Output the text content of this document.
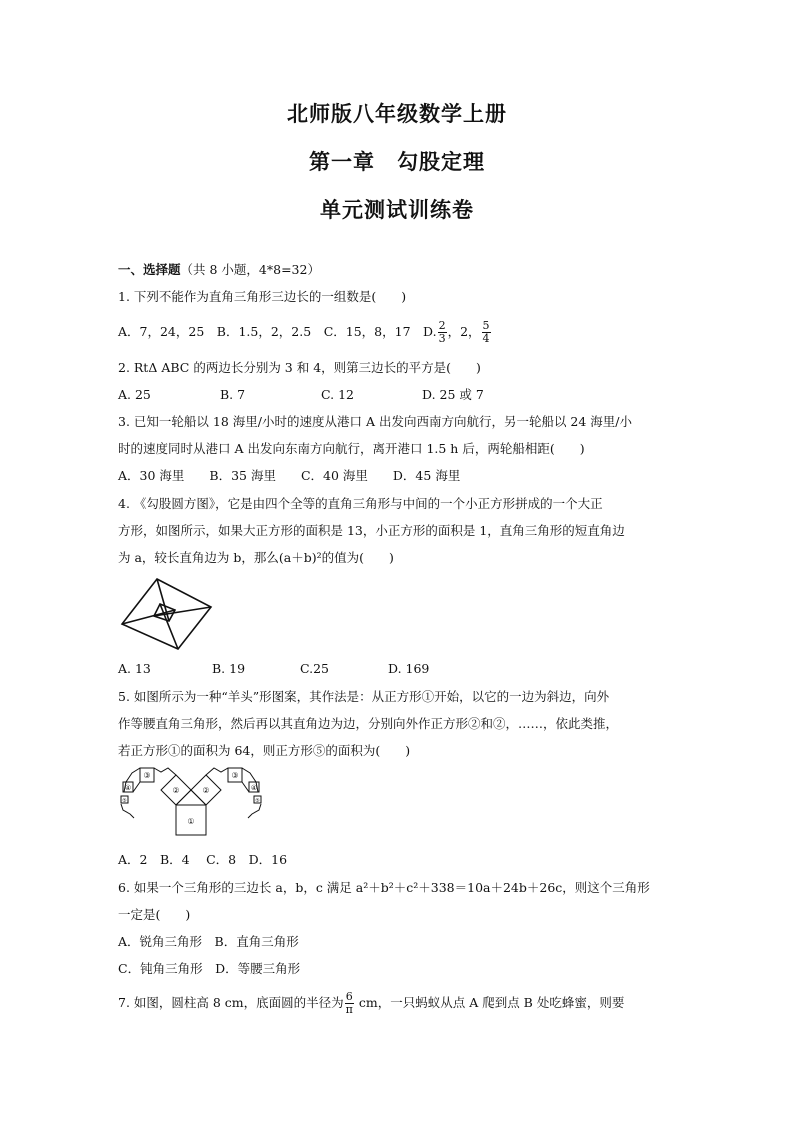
北师版八年级数学上册
第一章　勾股定理
单元测试训练卷
一、选择题（共 8 小题，4*8=32）
1. 下列不能作为直角三角形三边长的一组数是(　　)
A．7，24，25　B．1.5，2，2.5　C．15，8，17　D. $\frac{2}{3}$ ，2， $\frac{5}{4}$
2. RtΔ ABC 的两边长分别为 3 和 4，则第三边长的平方是(　　)
A. 25	B. 7	C. 12	D. 25 或 7
3. 已知一轮船以 18 海里/小时的速度从港口 A 出发向西南方向航行，另一轮船以 24 海里/小
时的速度同时从港口 A 出发向东南方向航行，离开港口 1.5 h 后，两轮船相距(　　)
A．30 海里　　B．35 海里　　C．40 海里　　D．45 海里
4. 《勾股圆方图》，它是由四个全等的直角三角形与中间的一个小正方形拼成的一个大正
方形，如图所示，如果大正方形的面积是 13，小正方形的面积是 1，直角三角形的短直角边
为 a，较长直角边为 b，那么(a＋b)²的值为(　　)
A. 13	B. 19	C.25	D. 169
5. 如图所示为一种“羊头”形图案，其作法是：从正方形①开始，以它的一边为斜边，向外
作等腰直角三角形，然后再以其直角边为边，分别向外作正方形②和②，……，依此类推，
若正方形①的面积为 64，则正方形⑤的面积为(　　)
①
②	②
③	③
④	④
⑤	⑤
A．2　B．4　 C．8　D．16
6. 如果一个三角形的三边长 a，b，c 满足 a²＋b²＋c²＋338＝10a＋24b＋26c，则这个三角形
一定是(　　)
A．锐角三角形　B．直角三角形
C．钝角三角形　D．等腰三角形
7. 如图，圆柱高 8 cm，底面圆的半径为 $\frac{6}{\pi}$ cm，一只蚂蚁从点 A 爬到点 B 处吃蜂蜜，则要
